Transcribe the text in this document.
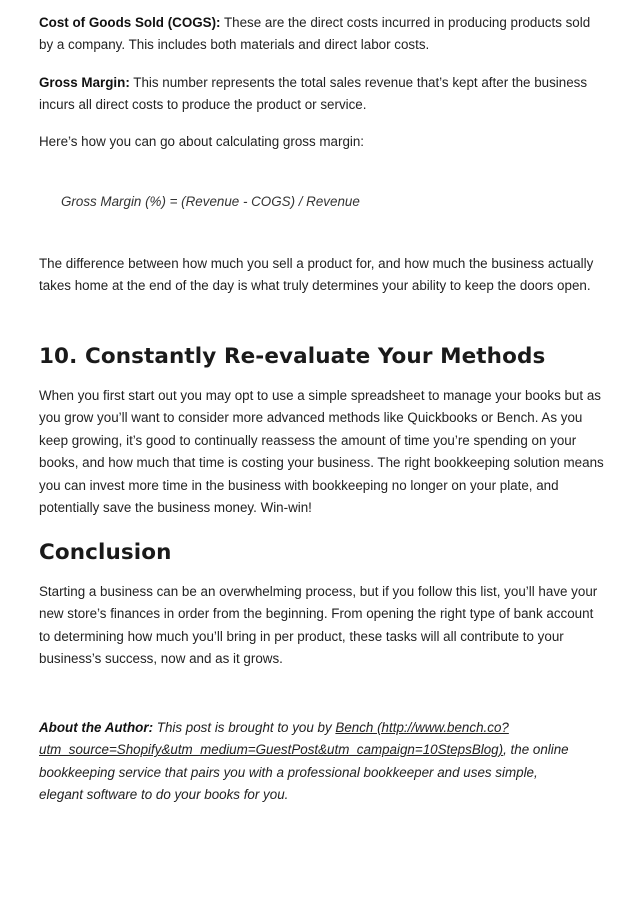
Cost of Goods Sold (COGS): These are the direct costs incurred in producing products sold by a company. This includes both materials and direct labor costs.

Gross Margin: This number represents the total sales revenue that’s kept after the business incurs all direct costs to produce the product or service.

Here’s how you can go about calculating gross margin:

Gross Margin (%) = (Revenue - COGS) / Revenue

The difference between how much you sell a product for, and how much the business actually takes home at the end of the day is what truly determines your ability to keep the doors open.

10. Constantly Re-evaluate Your Methods

When you first start out you may opt to use a simple spreadsheet to manage your books but as you grow you’ll want to consider more advanced methods like Quickbooks or Bench. As you keep growing, it’s good to continually reassess the amount of time you’re spending on your books, and how much that time is costing your business. The right bookkeeping solution means you can invest more time in the business with bookkeeping no longer on your plate, and potentially save the business money. Win-win!

Conclusion

Starting a business can be an overwhelming process, but if you follow this list, you’ll have your new store’s finances in order from the beginning. From opening the right type of bank account to determining how much you’ll bring in per product, these tasks will all contribute to your business’s success, now and as it grows.

About the Author: This post is brought to you by Bench (http://www.bench.co?utm_source=Shopify&utm_medium=GuestPost&utm_campaign=10StepsBlog), the online bookkeeping service that pairs you with a professional bookkeeper and uses simple, elegant software to do your books for you.
